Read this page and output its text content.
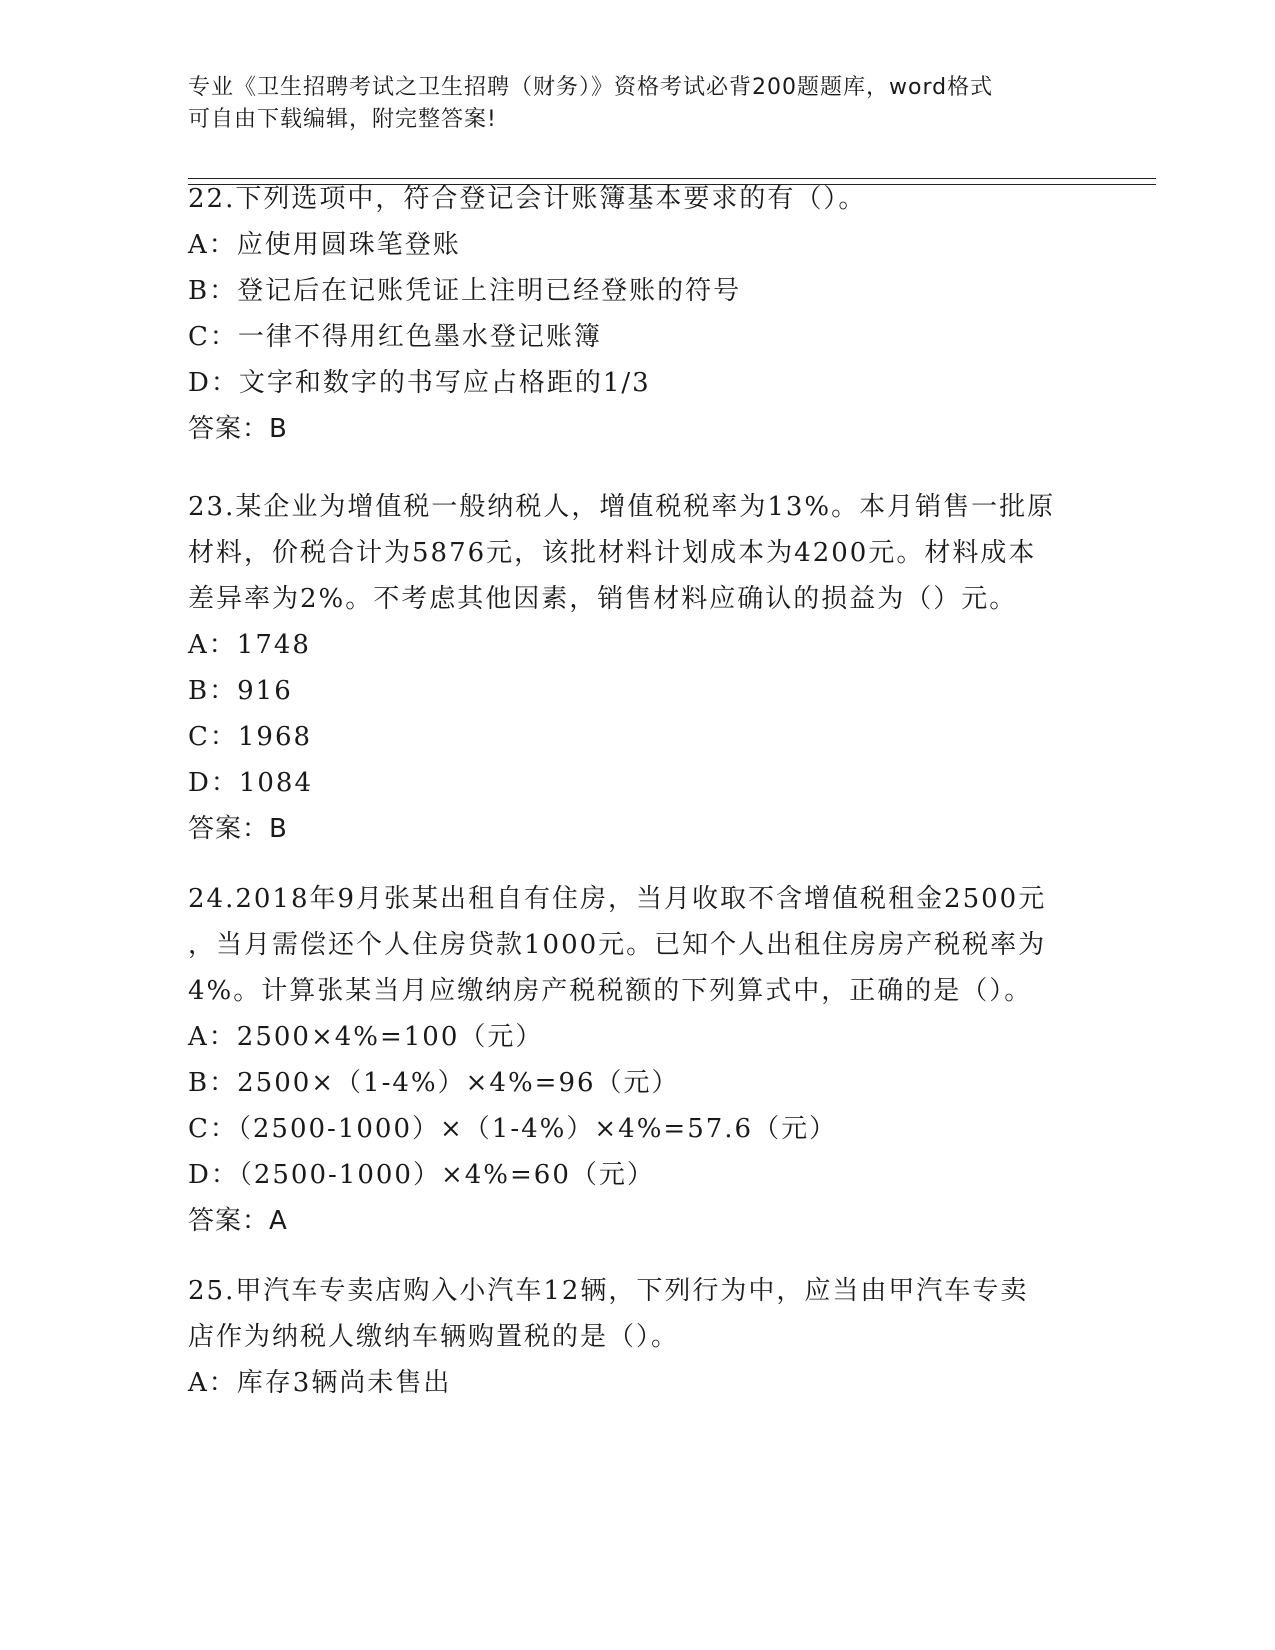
专业《卫生招聘考试之卫生招聘（财务）》资格考试必背200题题库，word格式
可自由下载编辑，附完整答案!
22.下列选项中，符合登记会计账簿基本要求的有（）。
A：应使用圆珠笔登账
B：登记后在记账凭证上注明已经登账的符号
C：一律不得用红色墨水登记账簿
D：文字和数字的书写应占格距的1/3
答案：B
23.某企业为增值税一般纳税人，增值税税率为13%。本月销售一批原
材料，价税合计为5876元，该批材料计划成本为4200元。材料成本
差异率为2%。不考虑其他因素，销售材料应确认的损益为（）元。
A：1748
B：916
C：1968
D：1084
答案：B
24.2018年9月张某出租自有住房，当月收取不含增值税租金2500元
，当月需偿还个人住房贷款1000元。已知个人出租住房房产税税率为
4%。计算张某当月应缴纳房产税税额的下列算式中，正确的是（）。
A：2500×4%=100（元）
B：2500×（1-4%）×4%=96（元）
C：（2500-1000）×（1-4%）×4%=57.6（元）
D：（2500-1000）×4%=60（元）
答案：A
25.甲汽车专卖店购入小汽车12辆，下列行为中，应当由甲汽车专卖
店作为纳税人缴纳车辆购置税的是（）。
A：库存3辆尚未售出
